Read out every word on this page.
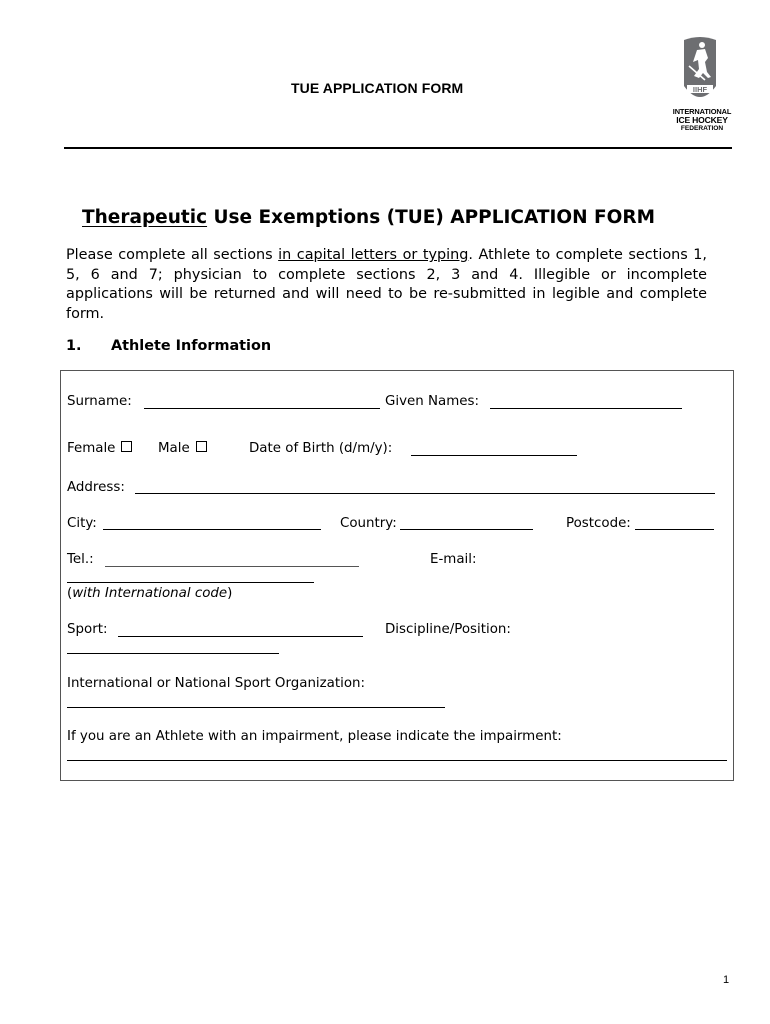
TUE APPLICATION FORM	IIHF
INTERNATIONAL
ICE HOCKEY
FEDERATION
Therapeutic Use Exemptions (TUE) APPLICATION FORM
Please complete all sections in capital letters or typing. Athlete to complete sections 1, 5, 6 and 7; physician to complete sections 2, 3 and 4. Illegible or incomplete applications will be returned and will need to be re-submitted in legible and complete form.
1. Athlete Information
Surname:	Given Names:
Female	Male	Date of Birth (d/m/y):
Address:
City:	Country:	Postcode:
Tel.:	E-mail:
(with International code)
Sport:	Discipline/Position:
International or National Sport Organization:
If you are an Athlete with an impairment, please indicate the impairment:
1
